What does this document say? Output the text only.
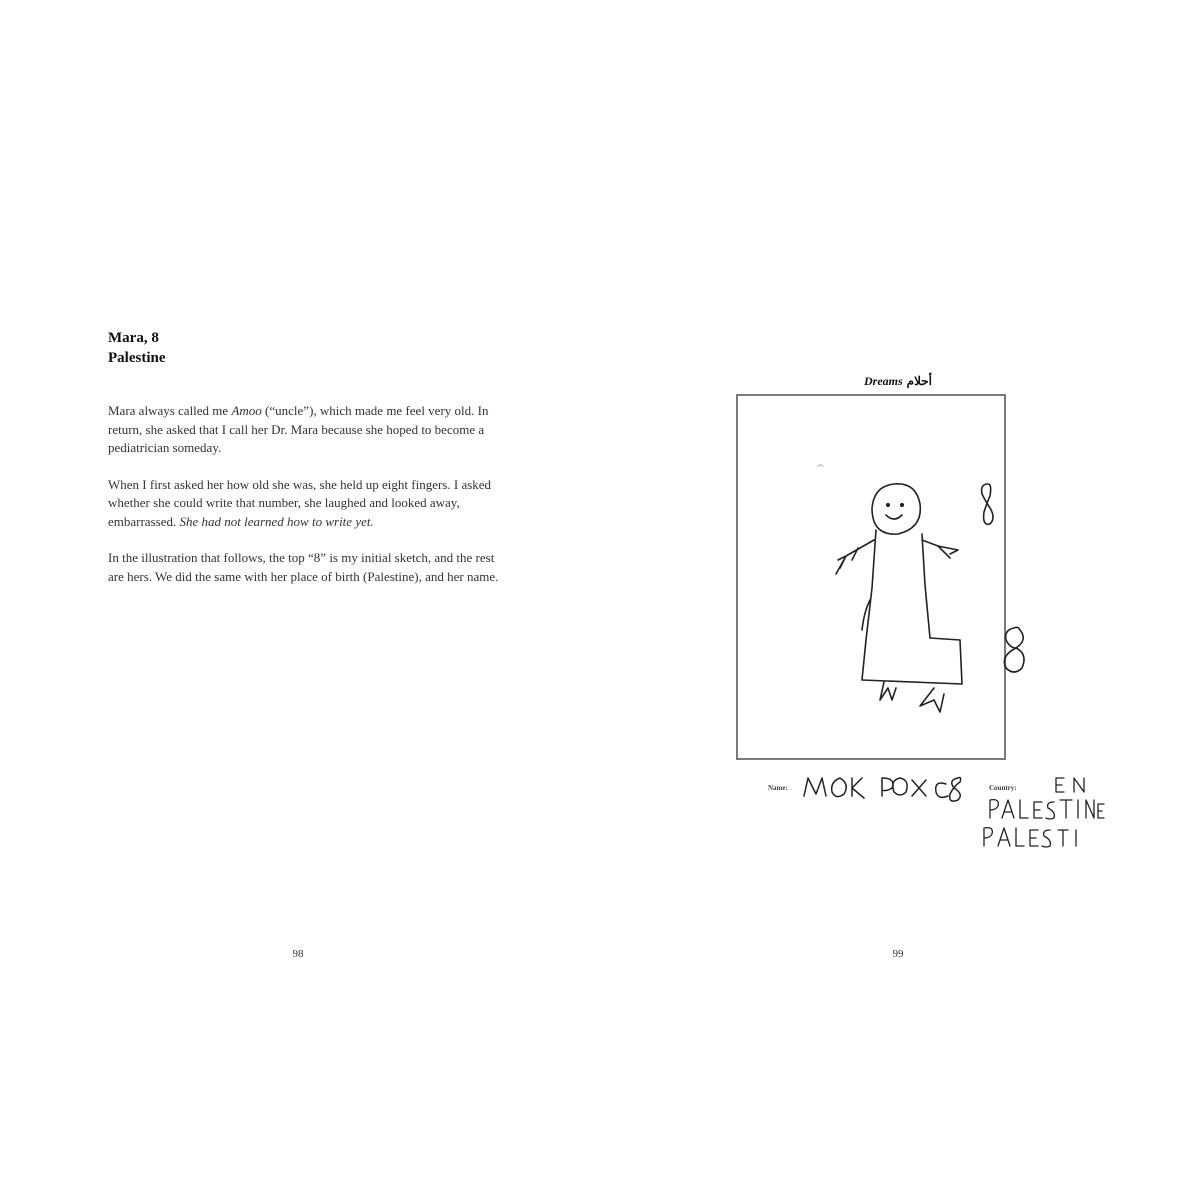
Mara, 8
Palestine

Mara always called me Amoo (“uncle”), which made me feel very old. In return, she asked that I call her Dr. Mara because she hoped to become a pediatrician someday.

When I first asked her how old she was, she held up eight fingers. I asked whether she could write that number, she laughed and looked away, embarrassed. She had not learned how to write yet.

In the illustration that follows, the top “8” is my initial sketch, and the rest are hers. We did the same with her place of birth (Palestine), and her name.

98
Dreams أحلام
Name:	Country:
99
